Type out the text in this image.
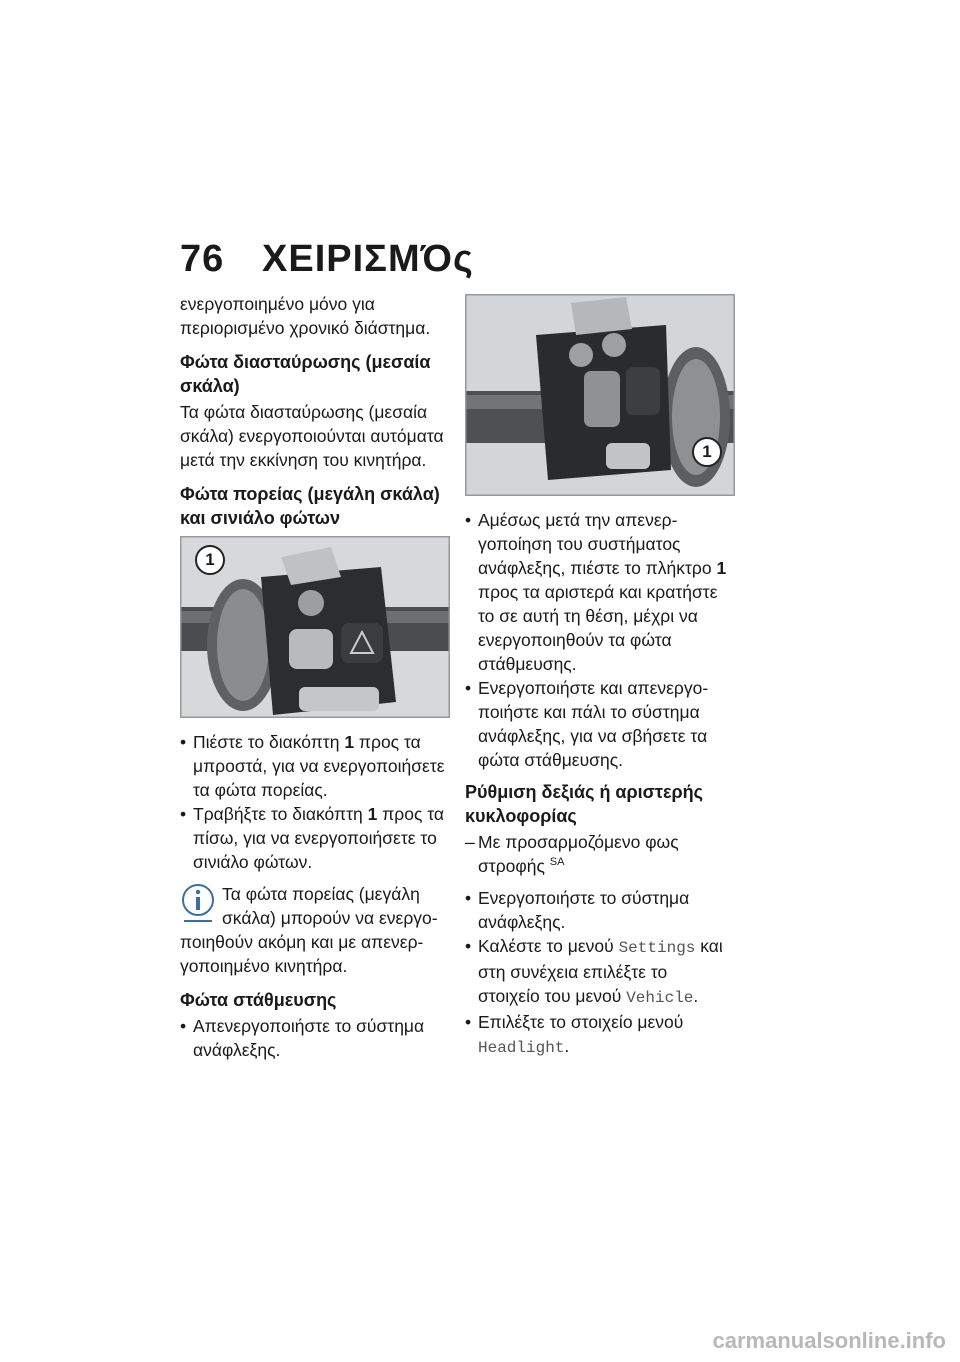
76 ΧΕΙΡΙΣΜΌς

ενεργοποιημένο μόνο για περιορισμένο χρονικό διάστημα.

Φώτα διασταύρωσης (μεσαία σκάλα)

Τα φώτα διασταύρωσης (μεσαία σκάλα) ενεργοποιούνται αυτόματα μετά την εκκίνηση του κινητήρα.

Φώτα πορείας (μεγάλη σκάλα) και σινιάλο φώτων
1
• Πιέστε το διακόπτη 1 προς τα μπροστά, για να ενεργοποιήσετε τα φώτα πορείας.
• Τραβήξτε το διακόπτη 1 προς τα πίσω, για να ενεργοποιήσετε το σινιάλο φώτων.
Τα φώτα πορείας (μεγάλη σκάλα) μπορούν να ενεργοποιηθούν ακόμη και με απενεργοποιημένο κινητήρα.
Φώτα στάθμευσης
• Απενεργοποιήστε το σύστημα ανάφλεξης.
1
• Αμέσως μετά την απενεργοποίηση του συστήματος ανάφλεξης, πιέστε το πλήκτρο 1 προς τα αριστερά και κρατήστε το σε αυτή τη θέση, μέχρι να ενεργοποιηθούν τα φώτα στάθμευσης.
• Ενεργοποιήστε και απενεργοποιήστε και πάλι το σύστημα ανάφλεξης, για να σβήσετε τα φώτα στάθμευσης.
Ρύθμιση δεξιάς ή αριστερής κυκλοφορίας
– Με προσαρμοζόμενο φως στροφής $^{SA}$
• Ενεργοποιήστε το σύστημα ανάφλεξης.
• Καλέστε το μενού Settings και στη συνέχεια επιλέξτε το στοιχείο του μενού Vehicle.
• Επιλέξτε το στοιχείο μενού Headlight.
carmanualsonline.info
